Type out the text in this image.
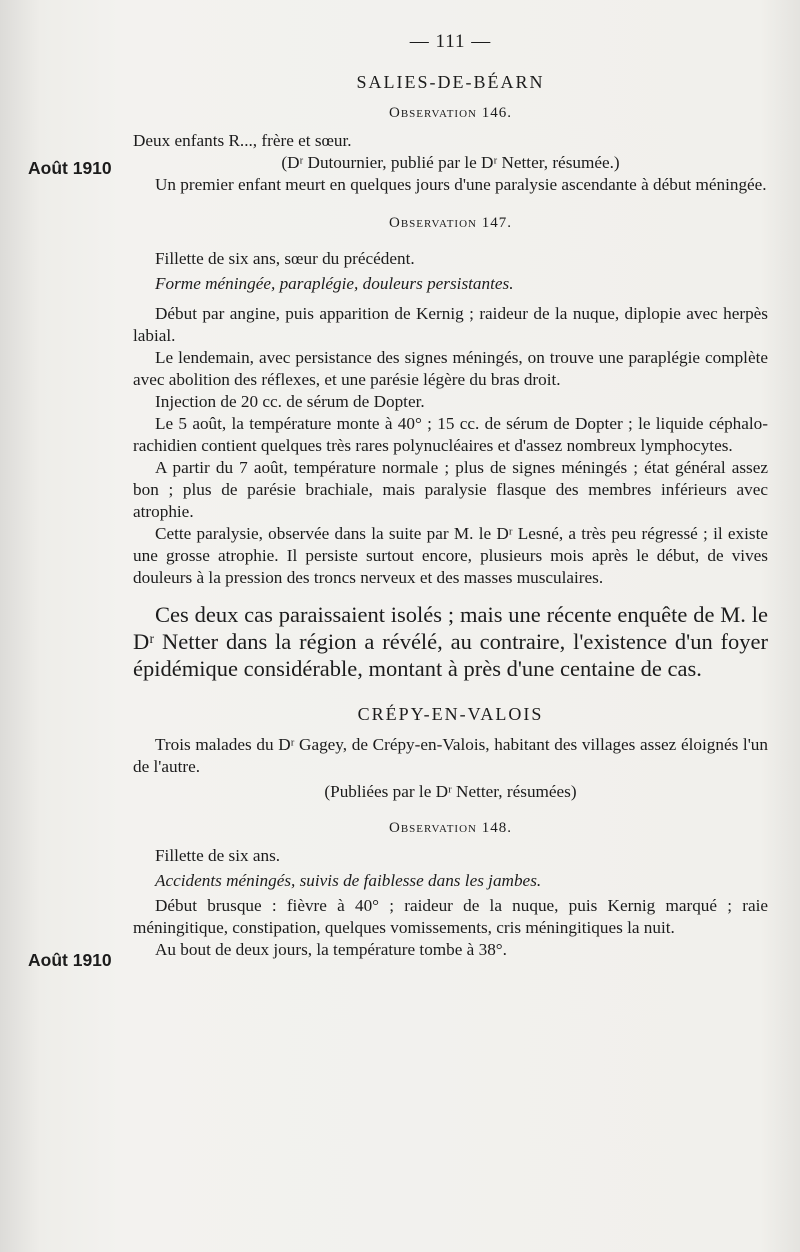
Août 1910
Août 1910
— 111 —
SALIES-DE-BÉARN
Observation 146.

Deux enfants R..., frère et sœur.

(Dʳ Dutournier, publié par le Dʳ Netter, résumée.)

Un premier enfant meurt en quelques jours d'une paralysie ascendante à début méningée.

Observation 147.

Fillette de six ans, sœur du précédent.

Forme méningée, paraplégie, douleurs persistantes.

Début par angine, puis apparition de Kernig ; raideur de la nuque, diplopie avec herpès labial.

Le lendemain, avec persistance des signes méningés, on trouve une paraplégie complète avec abolition des réflexes, et une parésie légère du bras droit.

Injection de 20 cc. de sérum de Dopter.

Le 5 août, la température monte à 40° ; 15 cc. de sérum de Dopter ; le liquide céphalo-rachidien contient quelques très rares polynucléaires et d'assez nombreux lymphocytes.

A partir du 7 août, température normale ; plus de signes méningés ; état général assez bon ; plus de parésie brachiale, mais paralysie flasque des membres inférieurs avec atrophie.

Cette paralysie, observée dans la suite par M. le Dʳ Lesné, a très peu régressé ; il existe une grosse atrophie. Il persiste surtout encore, plusieurs mois après le début, de vives douleurs à la pression des troncs nerveux et des masses musculaires.

Ces deux cas paraissaient isolés ; mais une récente enquête de M. le Dʳ Netter dans la région a révélé, au contraire, l'existence d'un foyer épidémique considérable, montant à près d'une centaine de cas.

CRÉPY-EN-VALOIS

Trois malades du Dʳ Gagey, de Crépy-en-Valois, habitant des villages assez éloignés l'un de l'autre.

(Publiées par le Dʳ Netter, résumées)

Observation 148.

Fillette de six ans.

Accidents méningés, suivis de faiblesse dans les jambes.

Début brusque : fièvre à 40° ; raideur de la nuque, puis Kernig marqué ; raie méningitique, constipation, quelques vomissements, cris méningitiques la nuit.

Au bout de deux jours, la température tombe à 38°.
